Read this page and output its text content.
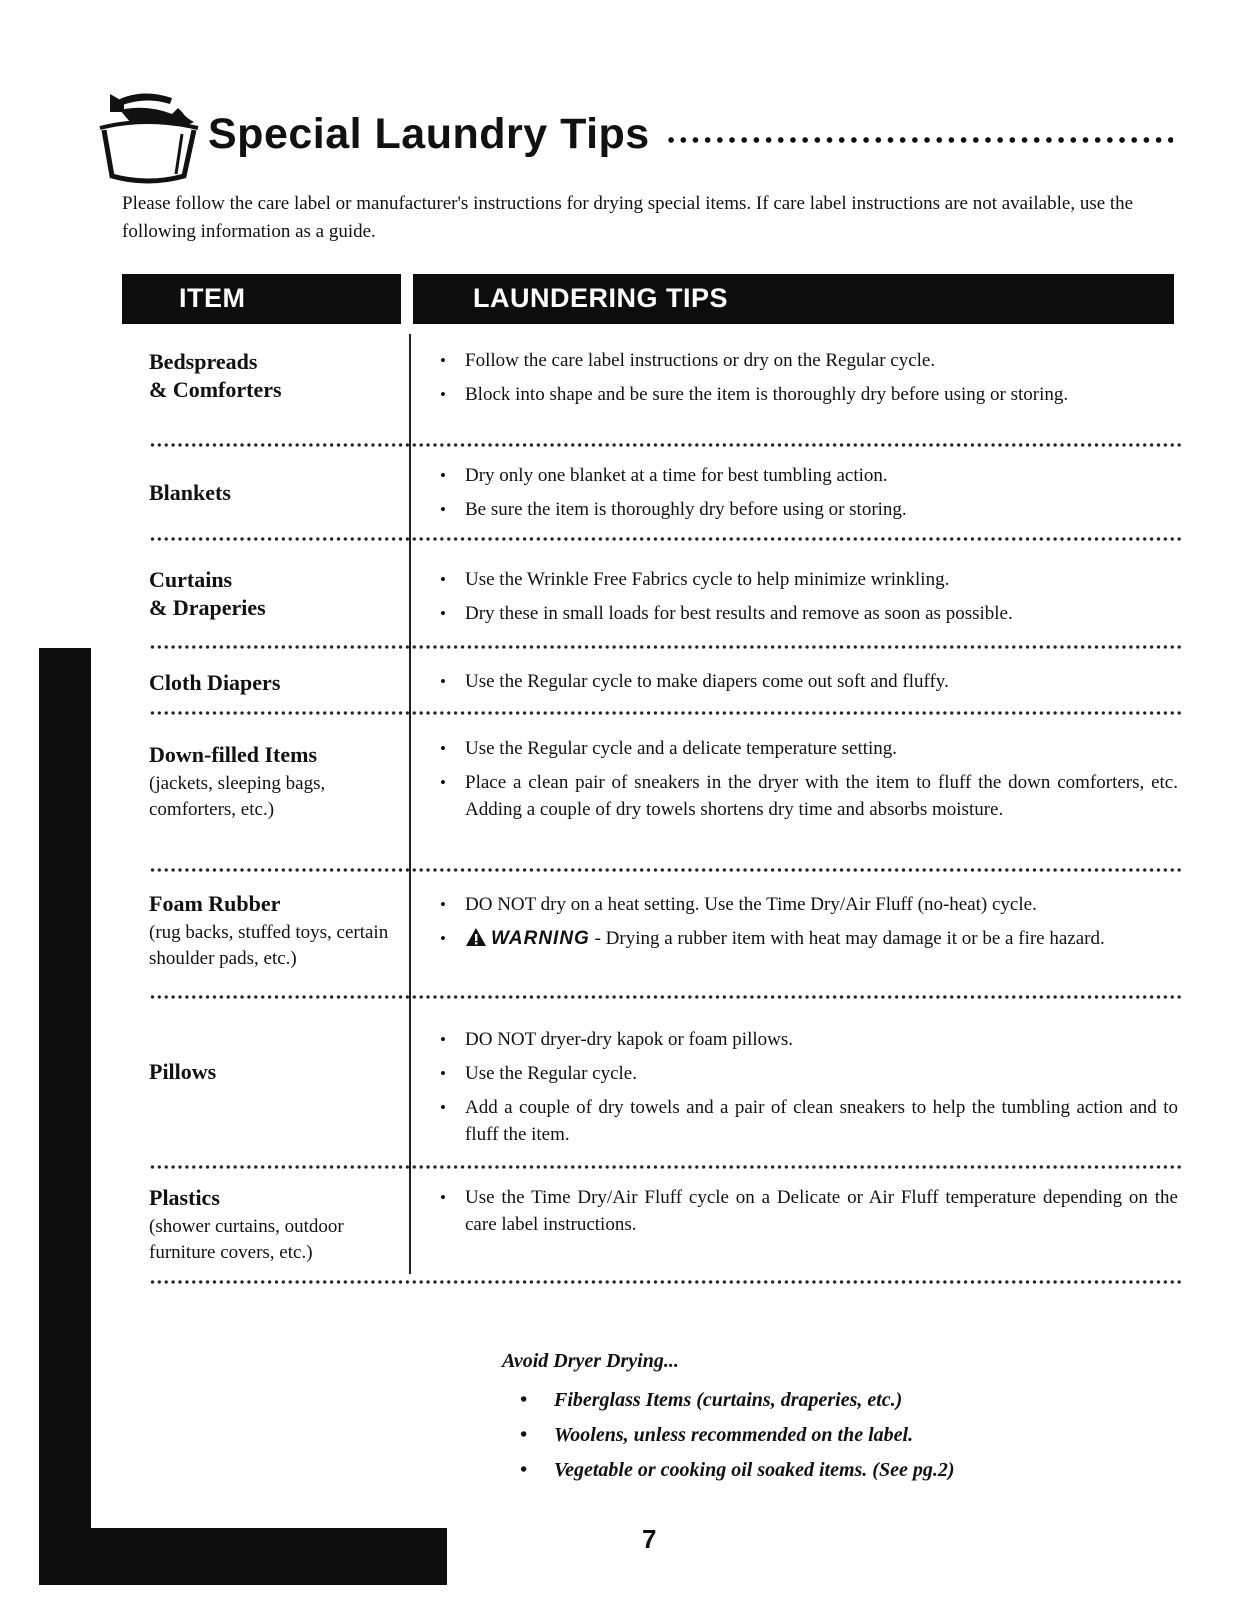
Special Laundry Tips
Please follow the care label or manufacturer's instructions for drying special items. If care label instructions are not available, use the following information as a guide.
ITEM	LAUNDERING TIPS
Bedspreads
& Comforters
• Follow the care label instructions or dry on the Regular cycle.
• Block into shape and be sure the item is thoroughly dry before using or storing.
Blankets
• Dry only one blanket at a time for best tumbling action.
• Be sure the item is thoroughly dry before using or storing.
Curtains
& Draperies
• Use the Wrinkle Free Fabrics cycle to help minimize wrinkling.
• Dry these in small loads for best results and remove as soon as possible.
Cloth Diapers
•	Use the Regular cycle to make diapers come out soft and fluffy.
Down-filled Items
(jackets, sleeping bags, comforters, etc.)
• Use the Regular cycle and a delicate temperature setting.
• Place a clean pair of sneakers in the dryer with the item to fluff the down comforters, etc. Adding a couple of dry towels shortens dry time and absorbs moisture.
Foam Rubber
(rug backs, stuffed toys, certain shoulder pads, etc.)
• DO NOT dry on a heat setting. Use the Time Dry/Air Fluff (no-heat) cycle.
• WARNING - Drying a rubber item with heat may damage it or be a fire hazard.
Pillows
• DO NOT dryer-dry kapok or foam pillows.
• Use the Regular cycle.
• Add a couple of dry towels and a pair of clean sneakers to help the tumbling action and to fluff the item.
Plastics
(shower curtains, outdoor furniture covers, etc.)
• Use the Time Dry/Air Fluff cycle on a Delicate or Air Fluff temperature depending on the care label instructions.
Avoid Dryer Drying...
• Fiberglass Items (curtains, draperies, etc.)
• Woolens, unless recommended on the label.
• Vegetable or cooking oil soaked items. (See pg.2)
7
